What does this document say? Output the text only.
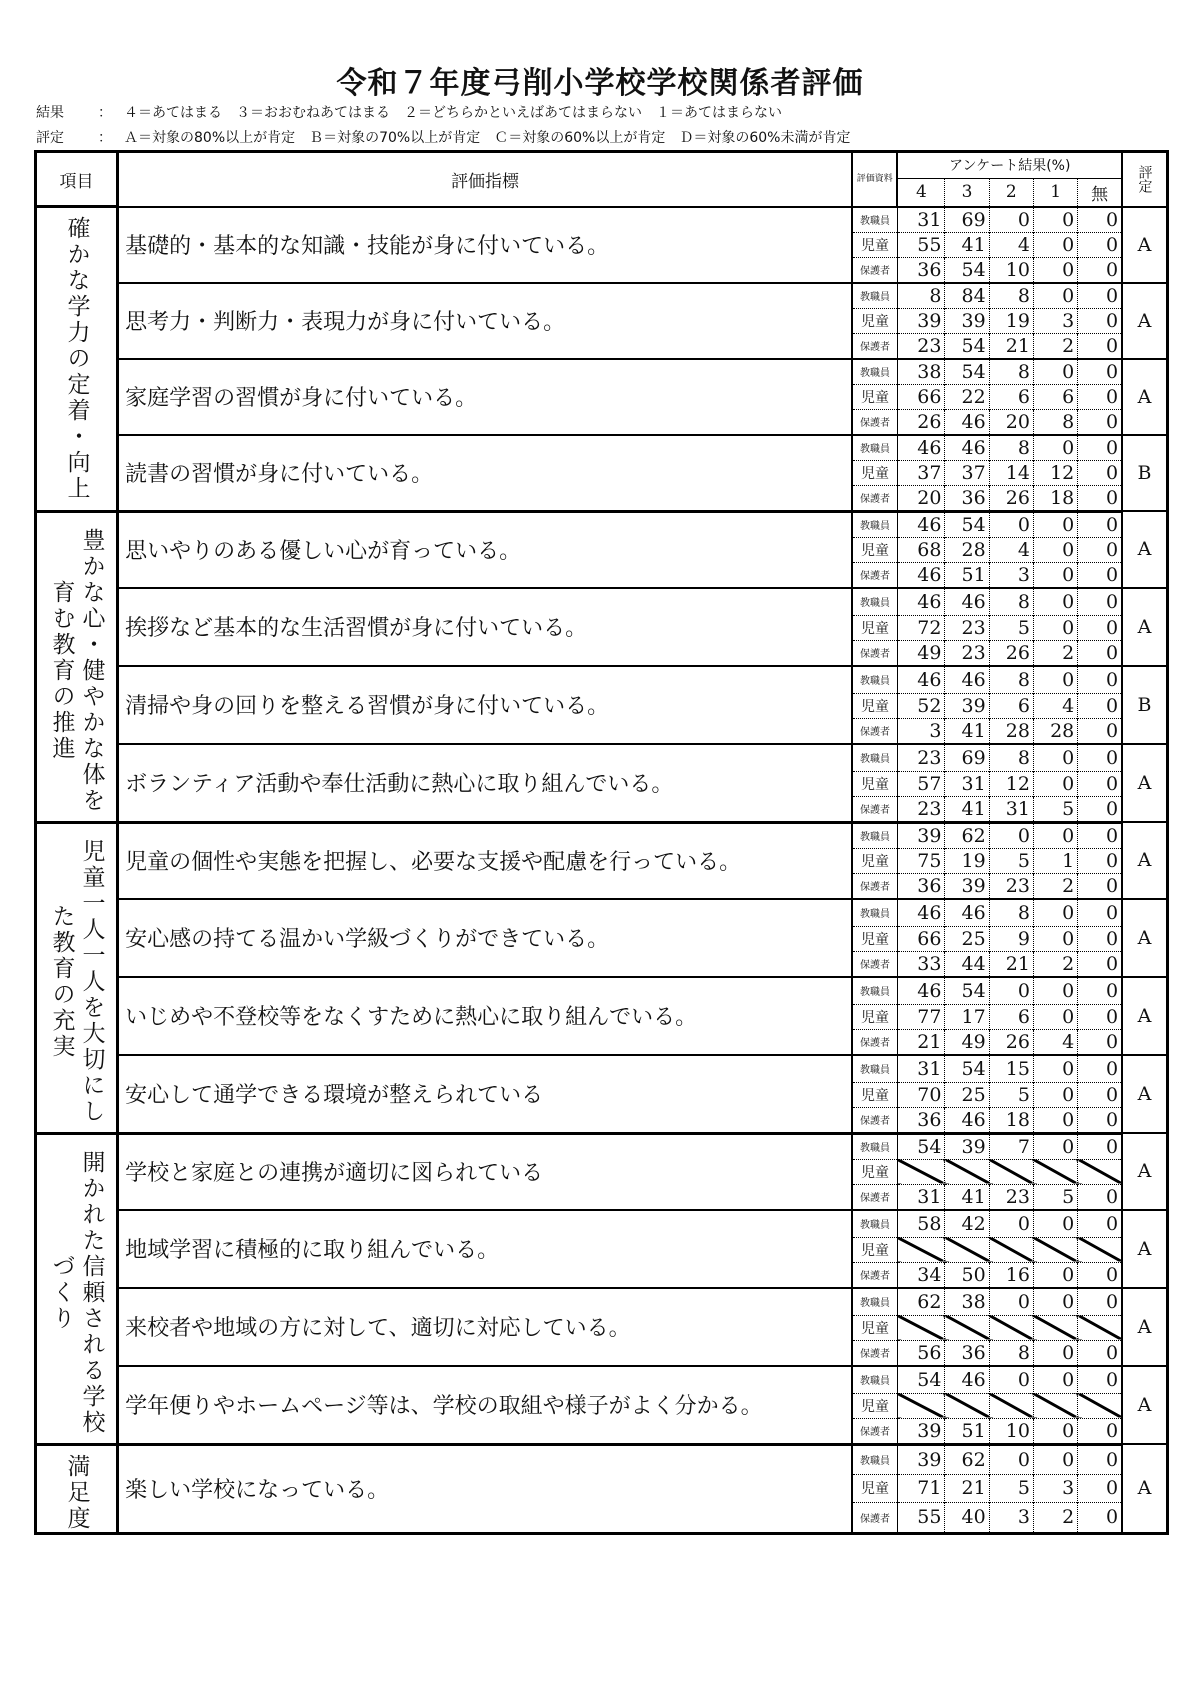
令和７年度弓削小学校学校関係者評価
結果 ： ４＝あてはまる　３＝おおむねあてはまる　２＝どちらかといえばあてはまらない　１＝あてはまらない
評定 ： Ａ＝対象の80%以上が肯定　Ｂ＝対象の70%以上が肯定　Ｃ＝対象の60%以上が肯定　Ｄ＝対象の60%未満が肯定
項目	評価指標	評価資料	アンケート結果(%)					評定

			4	3	2	1	無	

確かな学力の定着・向上	基礎的・基本的な知識・技能が身に付いている。	教職員	31	69	0	0	0	A
		児童	55	41	4	0	0	
		保護者	36	54	10	0	0	
	思考力・判断力・表現力が身に付いている。	教職員	8	84	8	0	0	A
		児童	39	39	19	3	0	
		保護者	23	54	21	2	0	
	家庭学習の習慣が身に付いている。	教職員	38	54	8	0	0	A
		児童	66	22	6	6	0	
		保護者	26	46	20	8	0	
	読書の習慣が身に付いている。	教職員	46	46	8	0	0	B
		児童	37	37	14	12	0	
		保護者	20	36	26	18	0	

豊かな心・健やかな体を育む教育の推進	思いやりのある優しい心が育っている。	教職員	46	54	0	0	0	A
		児童	68	28	4	0	0	
		保護者	46	51	3	0	0	
	挨拶など基本的な生活習慣が身に付いている。	教職員	46	46	8	0	0	A
		児童	72	23	5	0	0	
		保護者	49	23	26	2	0	
	清掃や身の回りを整える習慣が身に付いている。	教職員	46	46	8	0	0	B
		児童	52	39	6	4	0	
		保護者	3	41	28	28	0	
	ボランティア活動や奉仕活動に熱心に取り組んでいる。	教職員	23	69	8	0	0	A
		児童	57	31	12	0	0	
		保護者	23	41	31	5	0	

児童一人一人を大切にした教育の充実	児童の個性や実態を把握し、必要な支援や配慮を行っている。	教職員	39	62	0	0	0	A
		児童	75	19	5	1	0	
		保護者	36	39	23	2	0	
	安心感の持てる温かい学級づくりができている。	教職員	46	46	8	0	0	A
		児童	66	25	9	0	0	
		保護者	33	44	21	2	0	
	いじめや不登校等をなくすために熱心に取り組んでいる。	教職員	46	54	0	0	0	A
		児童	77	17	6	0	0	
		保護者	21	49	26	4	0	
	安心して通学できる環境が整えられている	教職員	31	54	15	0	0	A
		児童	70	25	5	0	0	
		保護者	36	46	18	0	0	

開かれた信頼される学校づくり	学校と家庭との連携が適切に図られている	教職員	54	39	7	0	0	A
		児童						
		保護者	31	41	23	5	0	
	地域学習に積極的に取り組んでいる。	教職員	58	42	0	0	0	A
		児童						
		保護者	34	50	16	0	0	
	来校者や地域の方に対して、適切に対応している。	教職員	62	38	0	0	0	A
		児童						
		保護者	56	36	8	0	0	
	学年便りやホームページ等は、学校の取組や様子がよく分かる。	教職員	54	46	0	0	0	A
		児童						
		保護者	39	51	10	0	0	

満足度	楽しい学校になっている。	教職員	39	62	0	0	0	A
		児童	71	21	5	3	0	
		保護者	55	40	3	2	0	
